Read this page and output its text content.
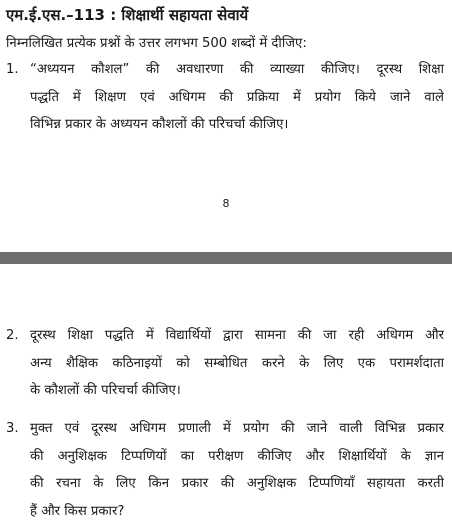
एम.ई.एस.–113 : शिक्षार्थी सहायता सेवायें
निम्नलिखित प्रत्येक प्रश्नों के उत्तर लगभग 500 शब्दों में दीजिए:
1. “अध्ययन कौशल” की अवधारणा की व्याख्या कीजिए। दूरस्थ शिक्षा
पद्धति में शिक्षण एवं अधिगम की प्रक्रिया में प्रयोग किये जाने वाले
विभिन्न प्रकार के अध्ययन कौशलों की परिचर्चा कीजिए।
8
2. दूरस्थ शिक्षा पद्धति में विद्यार्थियों द्वारा सामना की जा रही अधिगम और
अन्य शैक्षिक कठिनाइयों को सम्बोधित करने के लिए एक परामर्शदाता
के कौशलों की परिचर्चा कीजिए।
3. मुक्त एवं दूरस्थ अधिगम प्रणाली में प्रयोग की जाने वाली विभिन्न प्रकार
की अनुशिक्षक टिप्पणियों का परीक्षण कीजिए और शिक्षार्थियों के ज्ञान
की रचना के लिए किन प्रकार की अनुशिक्षक टिप्पणियाँ सहायता करती
हैं और किस प्रकार?
